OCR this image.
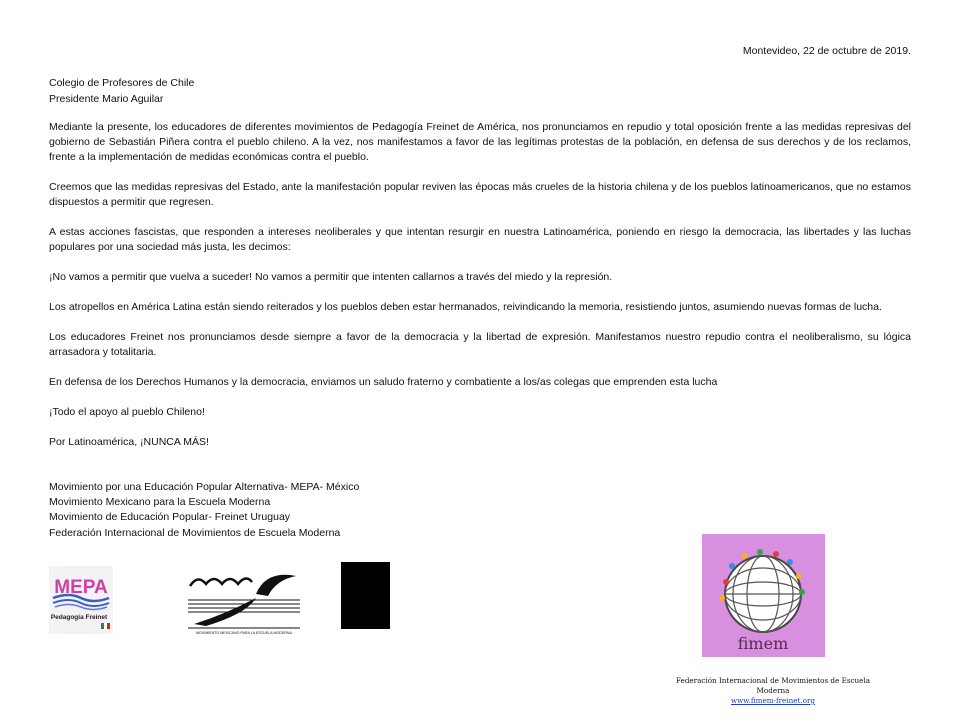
Montevideo, 22 de octubre de 2019.
Colegio de Profesores de Chile
Presidente Mario Aguilar

Mediante la presente, los educadores de diferentes movimientos de Pedagogía Freinet de América, nos pronunciamos en repudio y total oposición frente a las medidas represivas del gobierno de Sebastián Piñera contra el pueblo chileno. A la vez, nos manifestamos a favor de las legítimas protestas de la población, en defensa de sus derechos y de los reclamos, frente a la implementación de medidas económicas contra el pueblo.

Creemos que las medidas represivas del Estado, ante la manifestación popular reviven las épocas más crueles de la historia chilena y de los pueblos latinoamericanos, que no estamos dispuestos a permitir que regresen.

A estas acciones fascistas, que responden a intereses neoliberales y que intentan resurgir en nuestra Latinoamérica, poniendo en riesgo la democracia, las libertades y las luchas populares por una sociedad más justa, les decimos:

¡No vamos a permitir que vuelva a suceder! No vamos a permitir que intenten callarnos a través del miedo y la represión.

Los atropellos en América Latina están siendo reiterados y los pueblos deben estar hermanados, reivindicando la memoria, resistiendo juntos, asumiendo nuevas formas de lucha.

Los educadores Freinet nos pronunciamos desde siempre a favor de la democracia y la libertad de expresión. Manifestamos nuestro repudio contra el neoliberalismo, su lógica arrasadora y totalitaria.

En defensa de los Derechos Humanos y la democracia, enviamos un saludo fraterno y combatiente a los/as colegas que emprenden esta lucha

¡Todo el apoyo al pueblo Chileno!

Por Latinoamérica, ¡NUNCA MÁS!

Movimiento por una Educación Popular Alternativa- MEPA- México
Movimiento Mexicano para la Escuela Moderna
Movimiento de Educación Popular- Freinet Uruguay
Federación Internacional de Movimientos de Escuela Moderna
MEPA
Pedagogía Freinet
MOVIMIENTO MEXICANO PARA LA ESCUELA MODERNA
fimem
Federación Internacional de Movimientos de Escuela Moderna
www.fimem-freinet.org
